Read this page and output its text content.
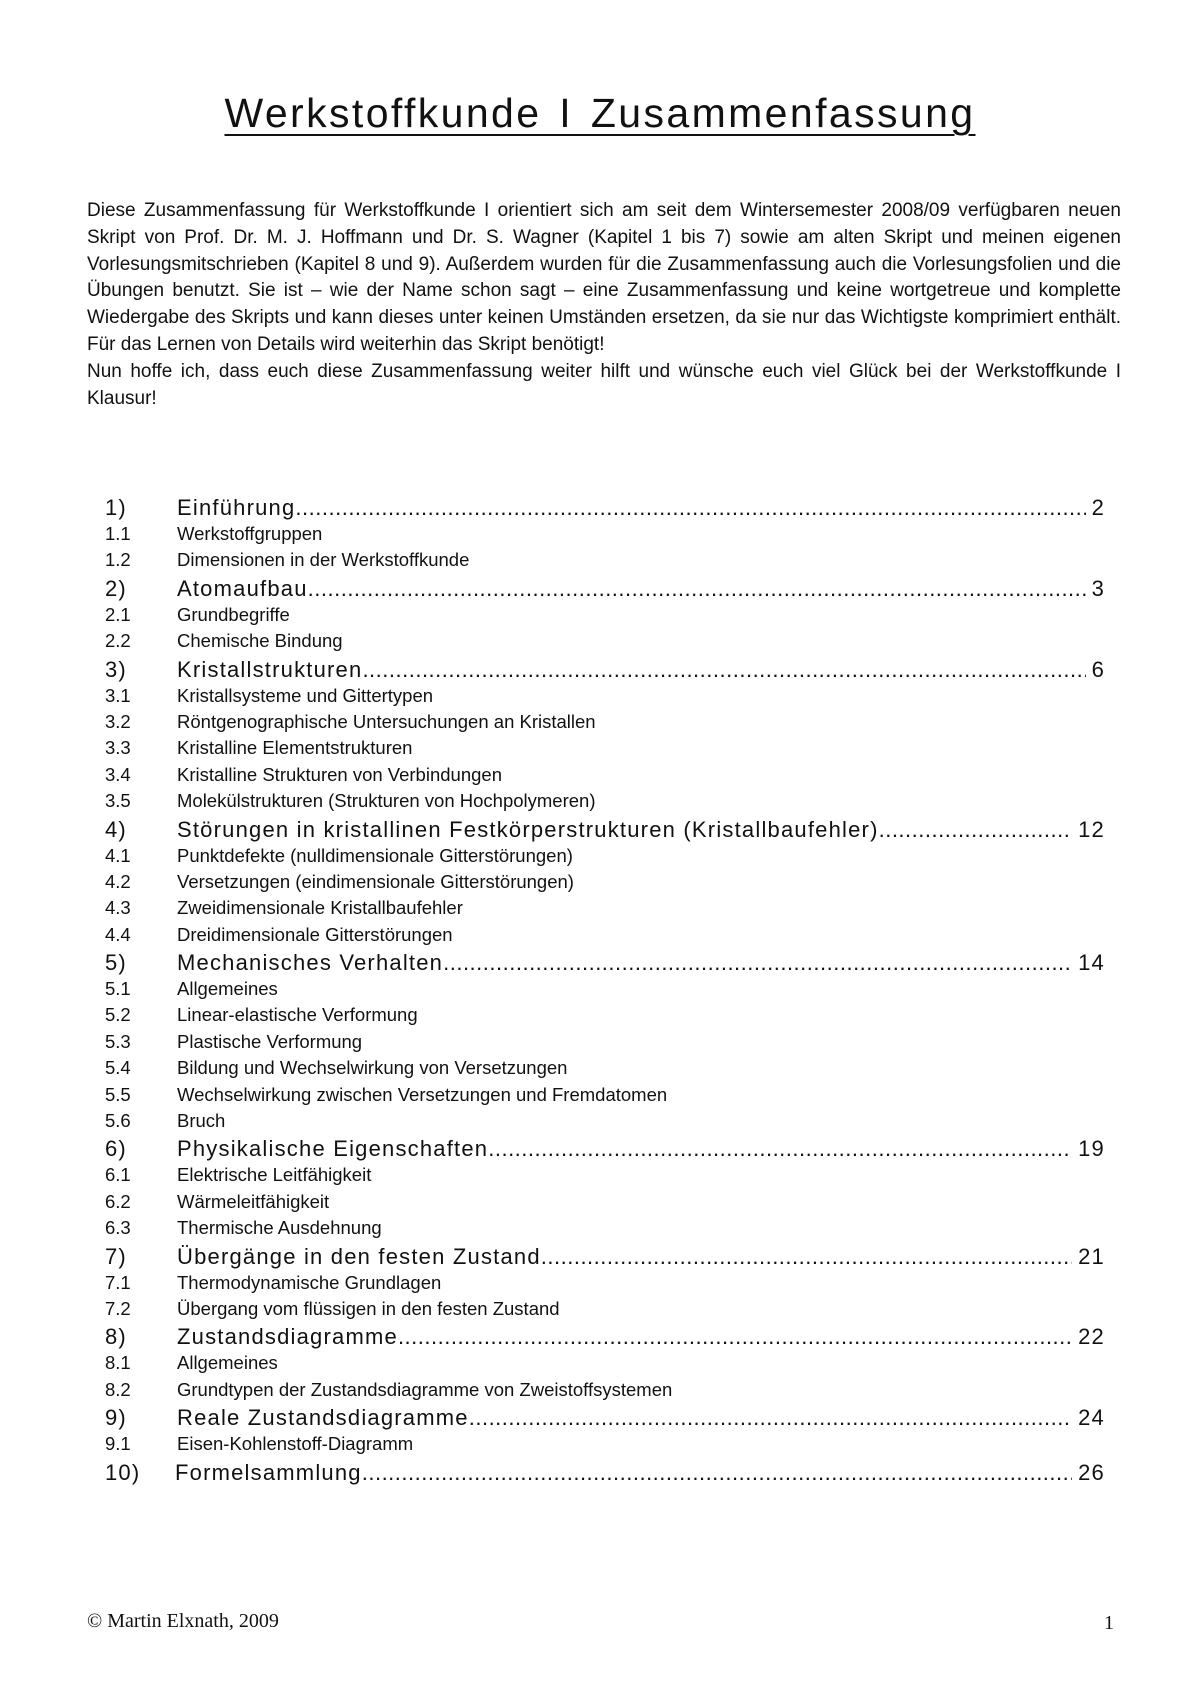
Werkstoffkunde I Zusammenfassung

Diese Zusammenfassung für Werkstoffkunde I orientiert sich am seit dem Wintersemester 2008/09 verfügbaren neuen Skript von Prof. Dr. M. J. Hoffmann und Dr. S. Wagner (Kapitel 1 bis 7) sowie am alten Skript und meinen eigenen Vorlesungsmitschrieben (Kapitel 8 und 9). Außerdem wurden für die Zusammenfassung auch die Vorlesungsfolien und die Übungen benutzt. Sie ist – wie der Name schon sagt – eine Zusammenfassung und keine wortgetreue und komplette Wiedergabe des Skripts und kann dieses unter keinen Umständen ersetzen, da sie nur das Wichtigste komprimiert enthält. Für das Lernen von Details wird weiterhin das Skript benötigt!

Nun hoffe ich, dass euch diese Zusammenfassung weiter hilft und wünsche euch viel Glück bei der Werkstoffkunde I Klausur!

1) Einführung .....	2
1.1	Werkstoffgruppen
1.2	Dimensionen in der Werkstoffkunde
2) Atomaufbau .....	3
2.1	Grundbegriffe
2.2	Chemische Bindung
3) Kristallstrukturen .....	6
3.1	Kristallsysteme und Gittertypen
3.2	Röntgenographische Untersuchungen an Kristallen
3.3	Kristalline Elementstrukturen
3.4	Kristalline Strukturen von Verbindungen
3.5	Molekülstrukturen (Strukturen von Hochpolymeren)
4) Störungen in kristallinen Festkörperstrukturen (Kristallbaufehler) .....	12
4.1	Punktdefekte (nulldimensionale Gitterstörungen)
4.2	Versetzungen (eindimensionale Gitterstörungen)
4.3	Zweidimensionale Kristallbaufehler
4.4	Dreidimensionale Gitterstörungen
5) Mechanisches Verhalten .....	14
5.1	Allgemeines
5.2	Linear-elastische Verformung
5.3	Plastische Verformung
5.4	Bildung und Wechselwirkung von Versetzungen
5.5	Wechselwirkung zwischen Versetzungen und Fremdatomen
5.6	Bruch
6) Physikalische Eigenschaften .....	19
6.1	Elektrische Leitfähigkeit
6.2	Wärmeleitfähigkeit
6.3	Thermische Ausdehnung
7) Übergänge in den festen Zustand .....	21
7.1	Thermodynamische Grundlagen
7.2	Übergang vom flüssigen in den festen Zustand
8) Zustandsdiagramme .....	22
8.1	Allgemeines
8.2	Grundtypen der Zustandsdiagramme von Zweistoffsystemen
9) Reale Zustandsdiagramme .....	24
9.1	Eisen-Kohlenstoff-Diagramm
10) Formelsammlung .....	26
© Martin Elxnath, 2009	1
